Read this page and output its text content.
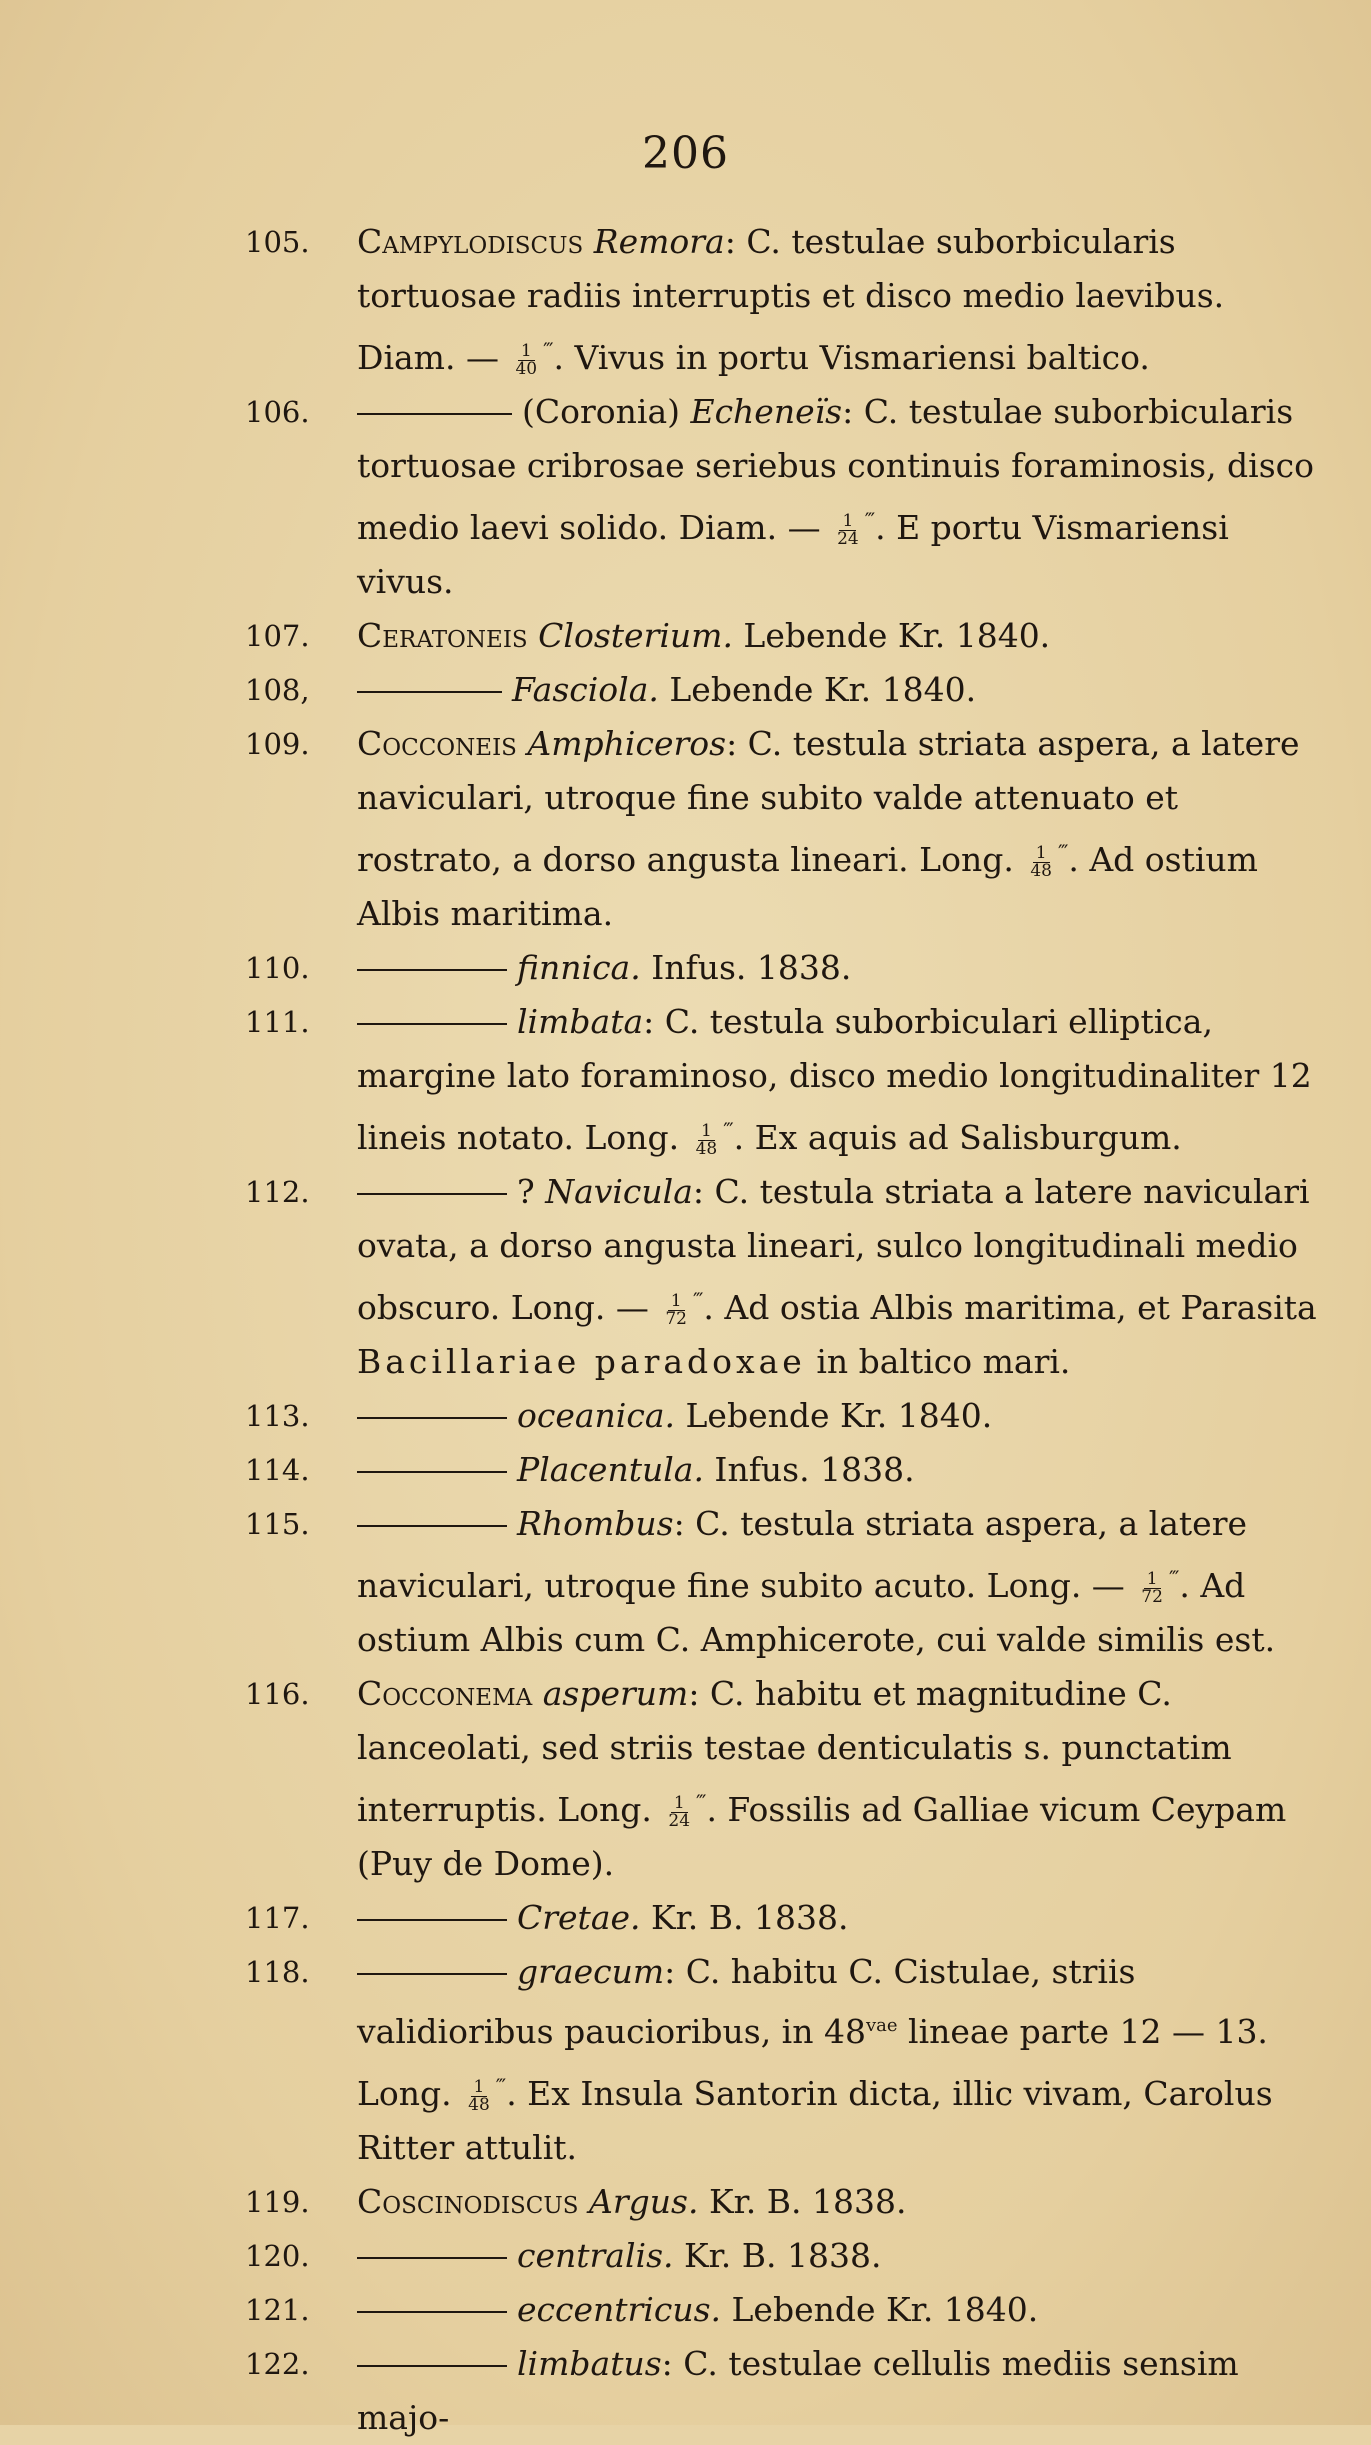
206

105. Campylodiscus Remora: C. testulae suborbicularis tortuosae radiis interruptis et disco medio laevibus. Diam. — $\frac{1}{40} ^‴$. Vivus in portu Vismariensi baltico.

106.	(Coronia) Echeneïs: C. testulae suborbicularis tortuosae cribrosae seriebus continuis foraminosis, disco medio laevi solido. Diam. — $\frac{1}{24} ^‴$. E portu Vismariensi vivus.

107. Ceratoneis Closterium. Lebende Kr. 1840.

108,	Fasciola. Lebende Kr. 1840.

109. Cocconeis Amphiceros: C. testula striata aspera, a latere navicularі, utroque fine subito valde attenuato et rostrato, a dorso angusta lineari. Long. $\frac{1}{48} ^‴$. Ad ostium Albis maritima.

110.	finnica. Infus. 1838.

111.	limbata: C. testula suborbiculari elliptica, margine lato foraminoso, disco medio longitudinaliter 12 lineis notato. Long. $\frac{1}{48} ^‴$. Ex aquis ad Salisburgum.

112.	? Navicula: C. testula striata a latere naviculari ovata, a dorso angusta lineari, sulco longitudinali medio obscuro. Long. — $\frac{1}{72} ^‴$. Ad ostia Albis maritima, et Parasita Bacillariae paradoxae in baltico mari.

113.	oceanica. Lebende Kr. 1840.

114.	Placentula. Infus. 1838.

115.	Rhombus: C. testula striata aspera, a latere naviculari, utroque fine subito acuto. Long. — $\frac{1}{72} ^‴$. Ad ostium Albis cum C. Amphicerote, cui valde similis est.

116. Cocconema asperum: C. habitu et magnitudine C. lanceolati, sed striis testae denticulatis s. punctatim interruptis. Long. $\frac{1}{24} ^‴$. Fossilis ad Galliae vicum Ceypam (Puy de Dome).

117.	Cretae. Kr. B. 1838.

118.	graecum: C. habitu C. Cistulae, striis validioribus paucioribus, in $48^{vae}$ lineae parte 12 — 13. Long. $\frac{1}{48} ^‴$. Ex Insula Santorin dicta, illic vivam, Carolus Ritter attulit.

119. Coscinodiscus Argus. Kr. B. 1838.

120.	centralis. Kr. B. 1838.

121.	eccentricus. Lebende Kr. 1840.

122.	limbatus: C. testulae cellulis mediis sensim majo-
